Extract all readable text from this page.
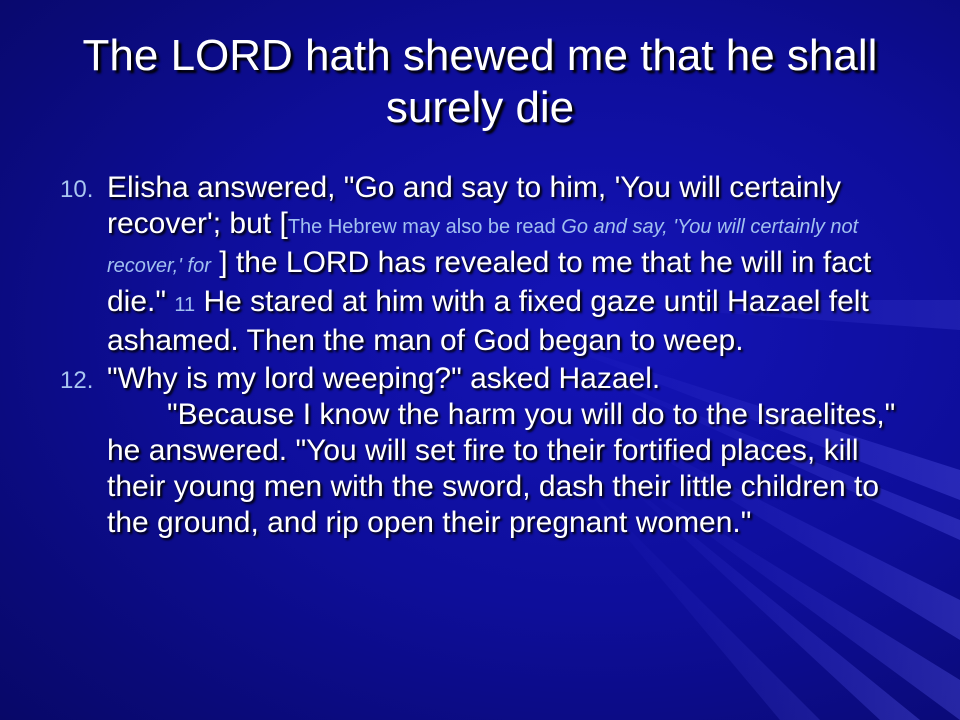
The LORD hath shewed me that he shall surely die
10. Elisha answered, "Go and say to him, 'You will certainly recover'; but [The Hebrew may also be read Go and say, 'You will certainly not recover,' for ] the LORD has revealed to me that he will in fact die." 11 He stared at him with a fixed gaze until Hazael felt ashamed. Then the man of God began to weep.
12. "Why is my lord weeping?" asked Hazael.
"Because I know the harm you will do to the Israelites," he answered. "You will set fire to their fortified places, kill their young men with the sword, dash their little children to the ground, and rip open their pregnant women."
